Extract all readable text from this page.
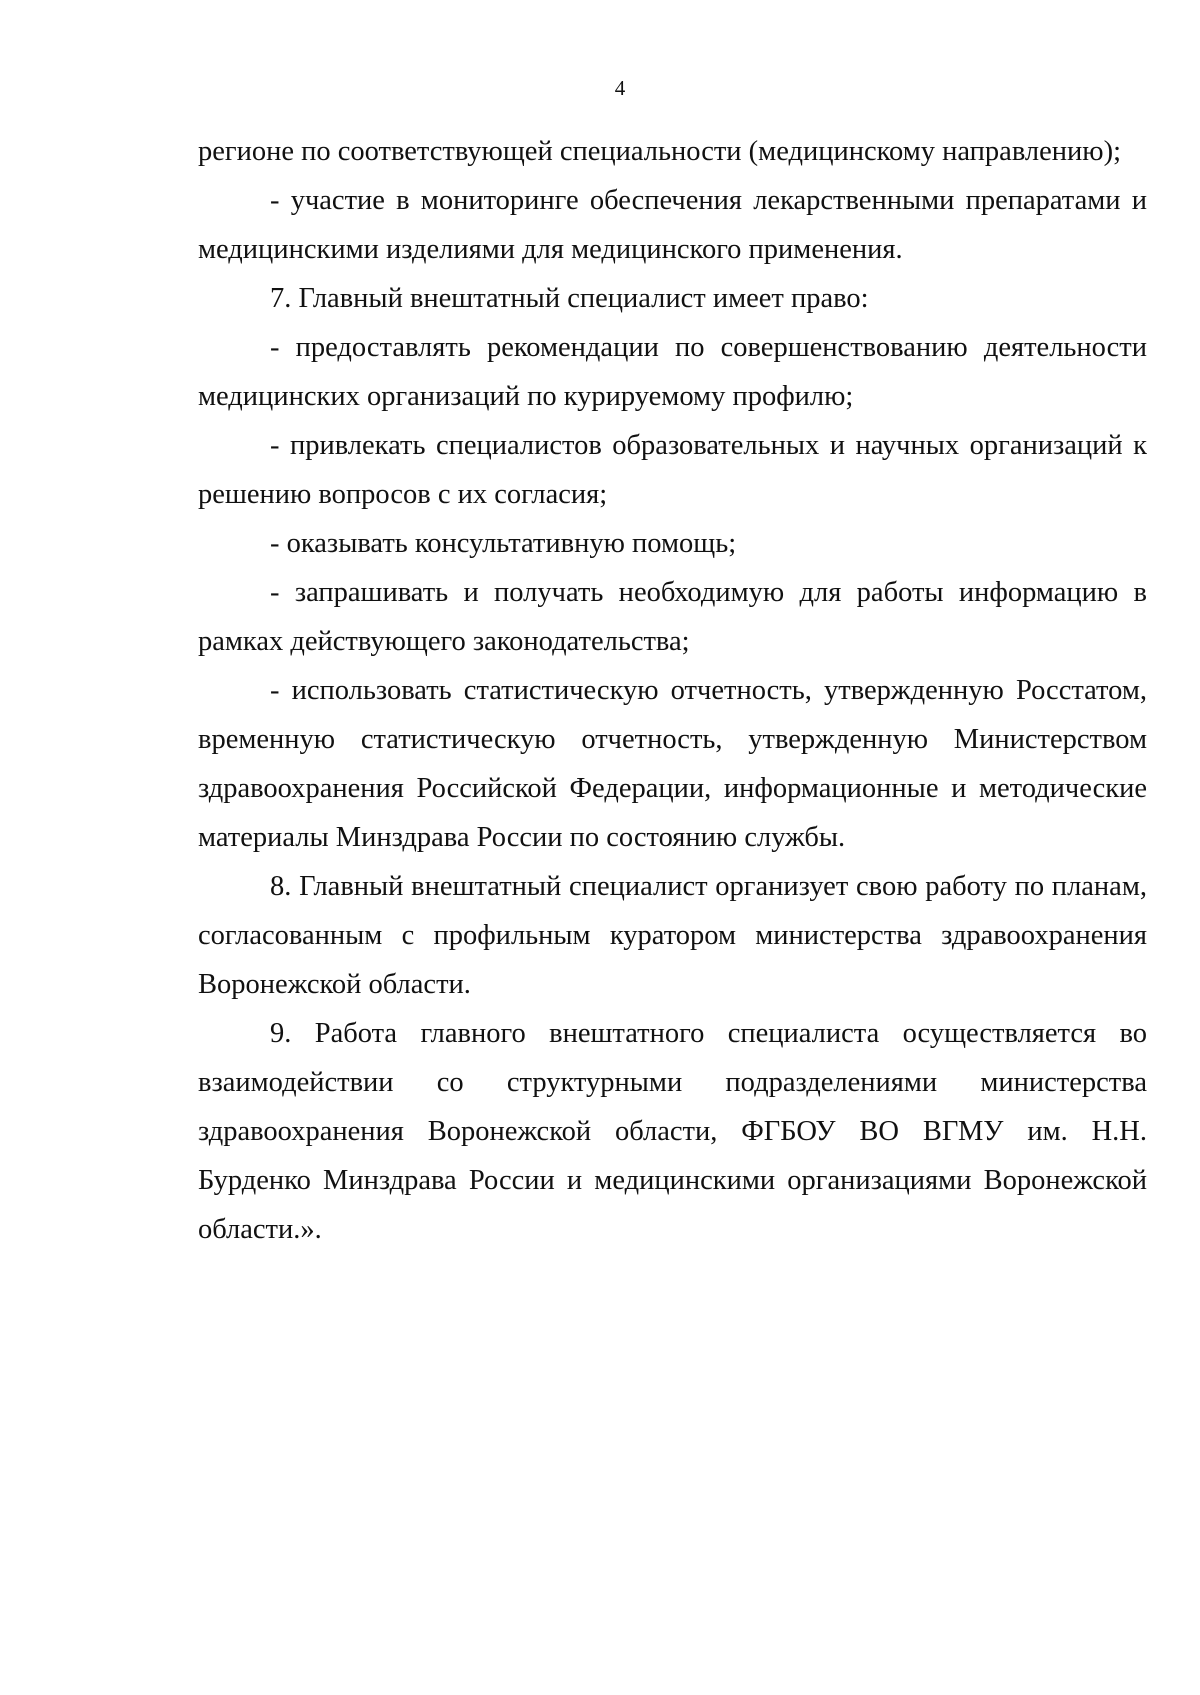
4

регионе по соответствующей специальности (медицинскому направлению);

- участие в мониторинге обеспечения лекарственными препаратами и медицинскими изделиями для медицинского применения.

7. Главный внештатный специалист имеет право:

- предоставлять рекомендации по совершенствованию деятельности медицинских организаций по курируемому профилю;

- привлекать специалистов образовательных и научных организаций к решению вопросов с их согласия;

- оказывать консультативную помощь;

- запрашивать и получать необходимую для работы информацию в рамках действующего законодательства;

- использовать статистическую отчетность, утвержденную Росстатом, временную статистическую отчетность, утвержденную Министерством здравоохранения Российской Федерации, информационные и методические материалы Минздрава России по состоянию службы.

8. Главный внештатный специалист организует свою работу по планам, согласованным с профильным куратором министерства здравоохранения Воронежской области.

9. Работа главного внештатного специалиста осуществляется во взаимодействии со структурными подразделениями министерства здравоохранения Воронежской области, ФГБОУ ВО ВГМУ им. Н.Н. Бурденко Минздрава России и медицинскими организациями Воронежской области.».
